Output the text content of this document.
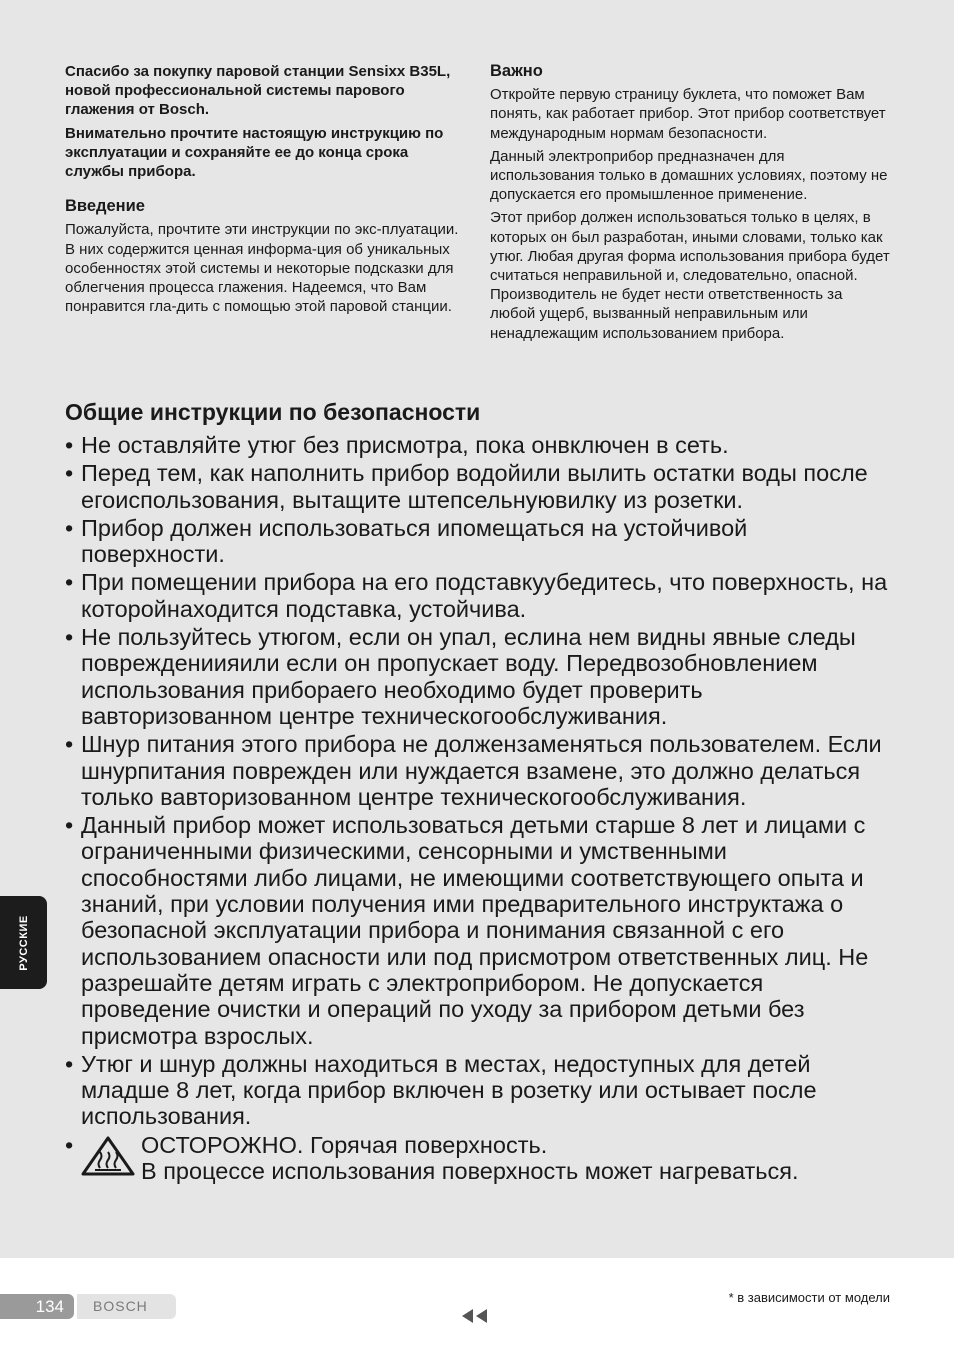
Спасибо за покупку паровой станции Sensixx B35L, новой профессиональной системы парового глажения от Bosch.

Внимательно прочтите настоящую инструкцию по эксплуатации и сохраняйте ее до конца срока службы прибора.

Введение

Пожалуйста, прочтите эти инструкции по экс-плуатации. В них содержится ценная информа-ция об уникальных особенностях этой системы и некоторые подсказки для облегчения процесса глажения. Надеемся, что Вам понравится гла-дить с помощью этой паровой станции.

Важно

Откройте первую страницу буклета, что поможет Вам понять, как работает прибор. Этот прибор соответствует международным нормам безопасности.

Данный электроприбор предназначен для использования только в домашних условиях, поэтому не допускается его промышленное применение.

Этот прибор должен использоваться только в целях, в которых он был разработан, иными словами, только как утюг. Любая другая форма использования прибора будет считаться неправильной и, следовательно, опасной. Производитель не будет нести ответственность за любой ущерб, вызванный неправильным или ненадлежащим использованием прибора.

Общие инструкции по безопасности
• Не оставляйте утюг без присмотра, пока онвключен в сеть.
• Перед тем, как наполнить прибор водойили вылить остатки воды после егоиспользования, вытащите штепсельнуювилку из розетки.
• Прибор должен использоваться ипомещаться на устойчивой поверхности.
• При помещении прибора на его подставкуубедитесь, что поверхность, на которойнаходится подставка, устойчива.
• Не пользуйтесь утюгом, если он упал, еслина нем видны явные следы повреждениияили если он пропускает воду. Передвозобновлением использования прибораего необходимо будет проверить вавторизованном центре техническогообслуживания.
• Шнур питания этого прибора не должензаменяться пользователем. Если шнурпитания поврежден или нуждается взамене, это должно делаться только вавторизованном центре техническогообслуживания.
• Данный прибор может использоваться детьми старше 8 лет и лицами с ограниченными физическими, сенсорными и умственными способностями либо лицами, не имеющими соответствующего опыта и знаний, при условии получения ими предварительного инструктажа о безопасной эксплуатации прибора и понимания связанной с его использованием опасности или под присмотром ответственных лиц. Не разрешайте детям играть с электроприбором. Не допускается проведение очистки и операций по уходу за прибором детьми без присмотра взрослых.
• Утюг и шнур должны находиться в местах, недоступных для детей младше 8 лет, когда прибор включен в розетку или остывает после использования.
•	ОСТОРОЖНО. Горячая поверхность.
В процессе использования поверхность может нагреваться.
РУССКИЕ
134	BOSCH
* в зависимости от модели
